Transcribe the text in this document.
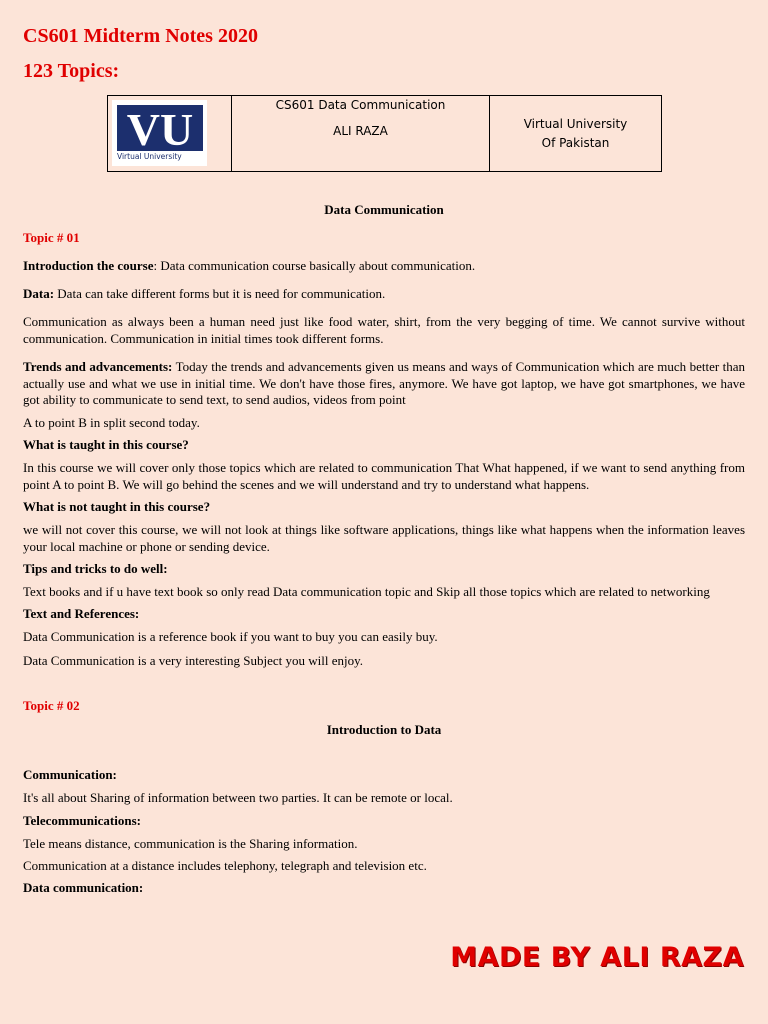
CS601 Midterm Notes 2020
123 Topics:
VU
Virtual University
CS601 Data Communication
ALI RAZA
Virtual University
Of Pakistan
Data Communication
Topic # 01

Introduction the course: Data communication course basically about communication.

Data: Data can take different forms but it is need for communication.

Communication as always been a human need just like food water, shirt, from the very begging of time. We cannot survive without communication. Communication in initial times took different forms.

Trends and advancements: Today the trends and advancements given us means and ways of Communication which are much better than actually use and what we use in initial time. We don't have those fires, anymore. We have got laptop, we have got smartphones, we have got ability to communicate to send text, to send audios, videos from point

A to point B in split second today.

What is taught in this course?

In this course we will cover only those topics which are related to communication That What happened, if we want to send anything from point A to point B. We will go behind the scenes and we will understand and try to understand what happens.

What is not taught in this course?

we will not cover this course, we will not look at things like software applications, things like what happens when the information leaves your local machine or phone or sending device.

Tips and tricks to do well:

Text books and if u have text book so only read Data communication topic and Skip all those topics which are related to networking

Text and References:

Data Communication is a reference book if you want to buy you can easily buy.

Data Communication is a very interesting Subject you will enjoy.

Topic # 02
Introduction to Data

Communication:

It's all about Sharing of information between two parties. It can be remote or local.

Telecommunications:

Tele means distance, communication is the Sharing information.

Communication at a distance includes telephony, telegraph and television etc.

Data communication:

MADE BY ALI RAZA
